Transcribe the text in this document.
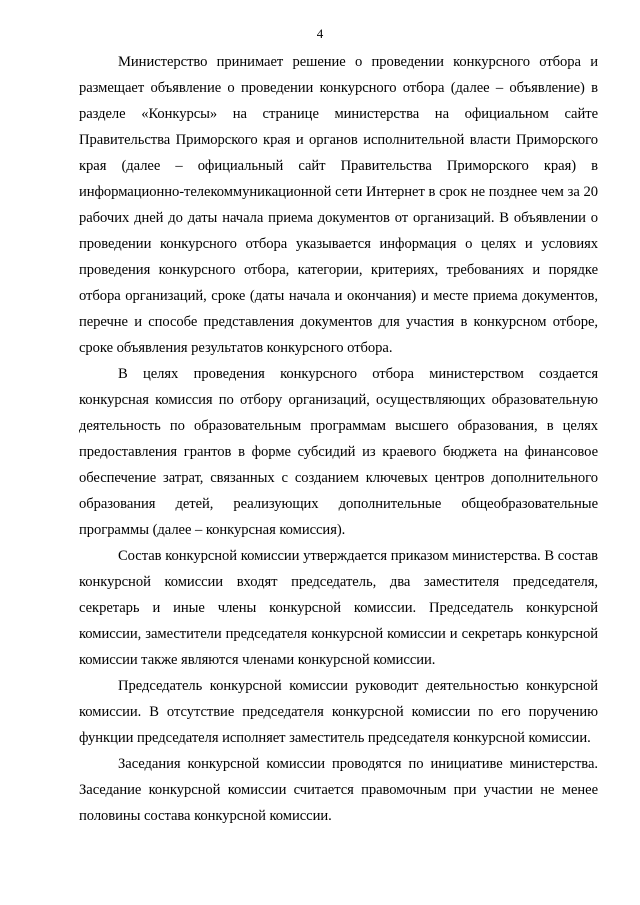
4

Министерство принимает решение о проведении конкурсного отбора и размещает объявление о проведении конкурсного отбора (далее – объявление) в разделе «Конкурсы» на странице министерства на официальном сайте Правительства Приморского края и органов исполнительной власти Приморского края (далее – официальный сайт Правительства Приморского края) в информационно-телекоммуникационной сети Интернет в срок не позднее чем за 20 рабочих дней до даты начала приема документов от организаций. В объявлении о проведении конкурсного отбора указывается информация о целях и условиях проведения конкурсного отбора, категории, критериях, требованиях и порядке отбора организаций, сроке (даты начала и окончания) и месте приема документов, перечне и способе представления документов для участия в конкурсном отборе, сроке объявления результатов конкурсного отбора.

В целях проведения конкурсного отбора министерством создается конкурсная комиссия по отбору организаций, осуществляющих образовательную деятельность по образовательным программам высшего образования, в целях предоставления грантов в форме субсидий из краевого бюджета на финансовое обеспечение затрат, связанных с созданием ключевых центров дополнительного образования детей, реализующих дополнительные общеобразовательные программы (далее – конкурсная комиссия).

Состав конкурсной комиссии утверждается приказом министерства. В состав конкурсной комиссии входят председатель, два заместителя председателя, секретарь и иные члены конкурсной комиссии. Председатель конкурсной комиссии, заместители председателя конкурсной комиссии и секретарь конкурсной комиссии также являются членами конкурсной комиссии.

Председатель конкурсной комиссии руководит деятельностью конкурсной комиссии. В отсутствие председателя конкурсной комиссии по его поручению функции председателя исполняет заместитель председателя конкурсной комиссии.

Заседания конкурсной комиссии проводятся по инициативе министерства. Заседание конкурсной комиссии считается правомочным при участии не менее половины состава конкурсной комиссии.
